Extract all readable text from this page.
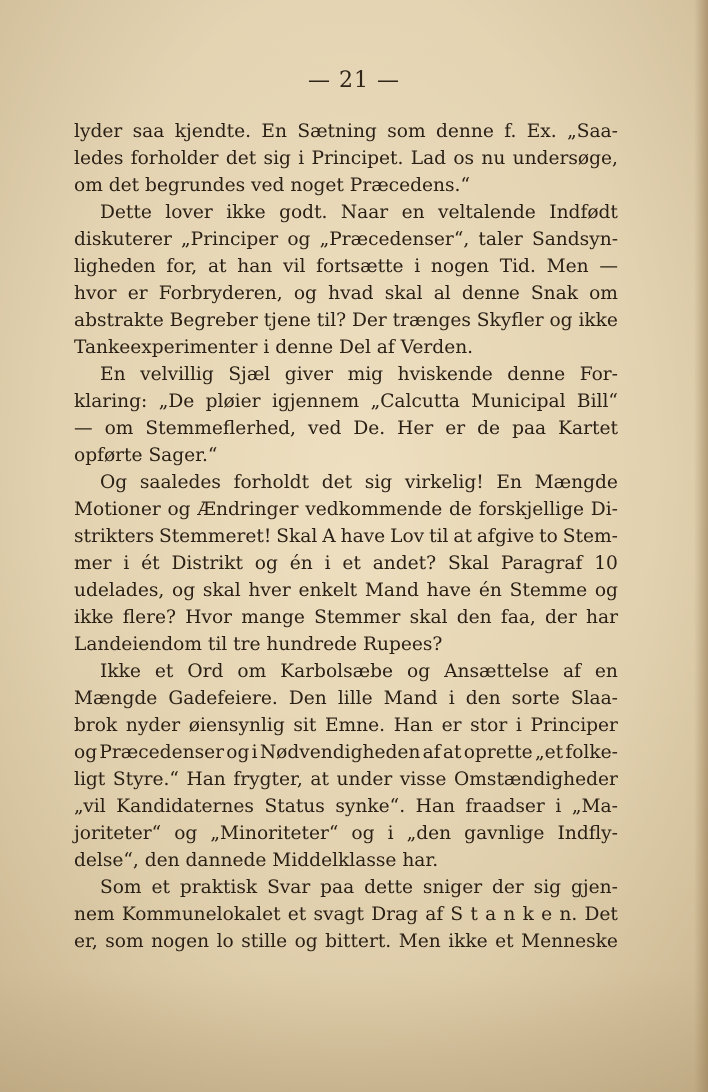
— 21 —
lyder saa kjendte. En Sætning som denne f. Ex. „Saa-
ledes forholder det sig i Principet. Lad os nu undersøge,
om det begrundes ved noget Præcedens.“
Dette lover ikke godt. Naar en veltalende Indfødt
diskuterer „Principer og „Præcedenser“, taler Sandsyn-
ligheden for, at han vil fortsætte i nogen Tid. Men —
hvor er Forbryderen, og hvad skal al denne Snak om
abstrakte Begreber tjene til? Der trænges Skyfler og ikke
Tankeexperimenter i denne Del af Verden.
En velvillig Sjæl giver mig hviskende denne For-
klaring: „De pløier igjennem „Calcutta Municipal Bill“
— om Stemmeflerhed, ved De. Her er de paa Kartet
opførte Sager.“
Og saaledes forholdt det sig virkelig! En Mængde
Motioner og Ændringer vedkommende de forskjellige Di-
strikters Stemmeret! Skal A have Lov til at afgive to Stem-
mer i ét Distrikt og én i et andet? Skal Paragraf 10
udelades, og skal hver enkelt Mand have én Stemme og
ikke flere? Hvor mange Stemmer skal den faa, der har
Landeiendom til tre hundrede Rupees?
Ikke et Ord om Karbolsæbe og Ansættelse af en
Mængde Gadefeiere. Den lille Mand i den sorte Slaa-
brok nyder øiensynlig sit Emne. Han er stor i Principer
og Præcedenser og i Nødvendigheden af at oprette „et folke-
ligt Styre.“ Han frygter, at under visse Omstændigheder
„vil Kandidaternes Status synke“. Han fraadser i „Ma-
joriteter“ og „Minoriteter“ og i „den gavnlige Indfly-
delse“, den dannede Middelklasse har.
Som et praktisk Svar paa dette sniger der sig gjen-
nem Kommunelokalet et svagt Drag af S t a n k e n. Det
er, som nogen lo stille og bittert. Men ikke et Menneske
